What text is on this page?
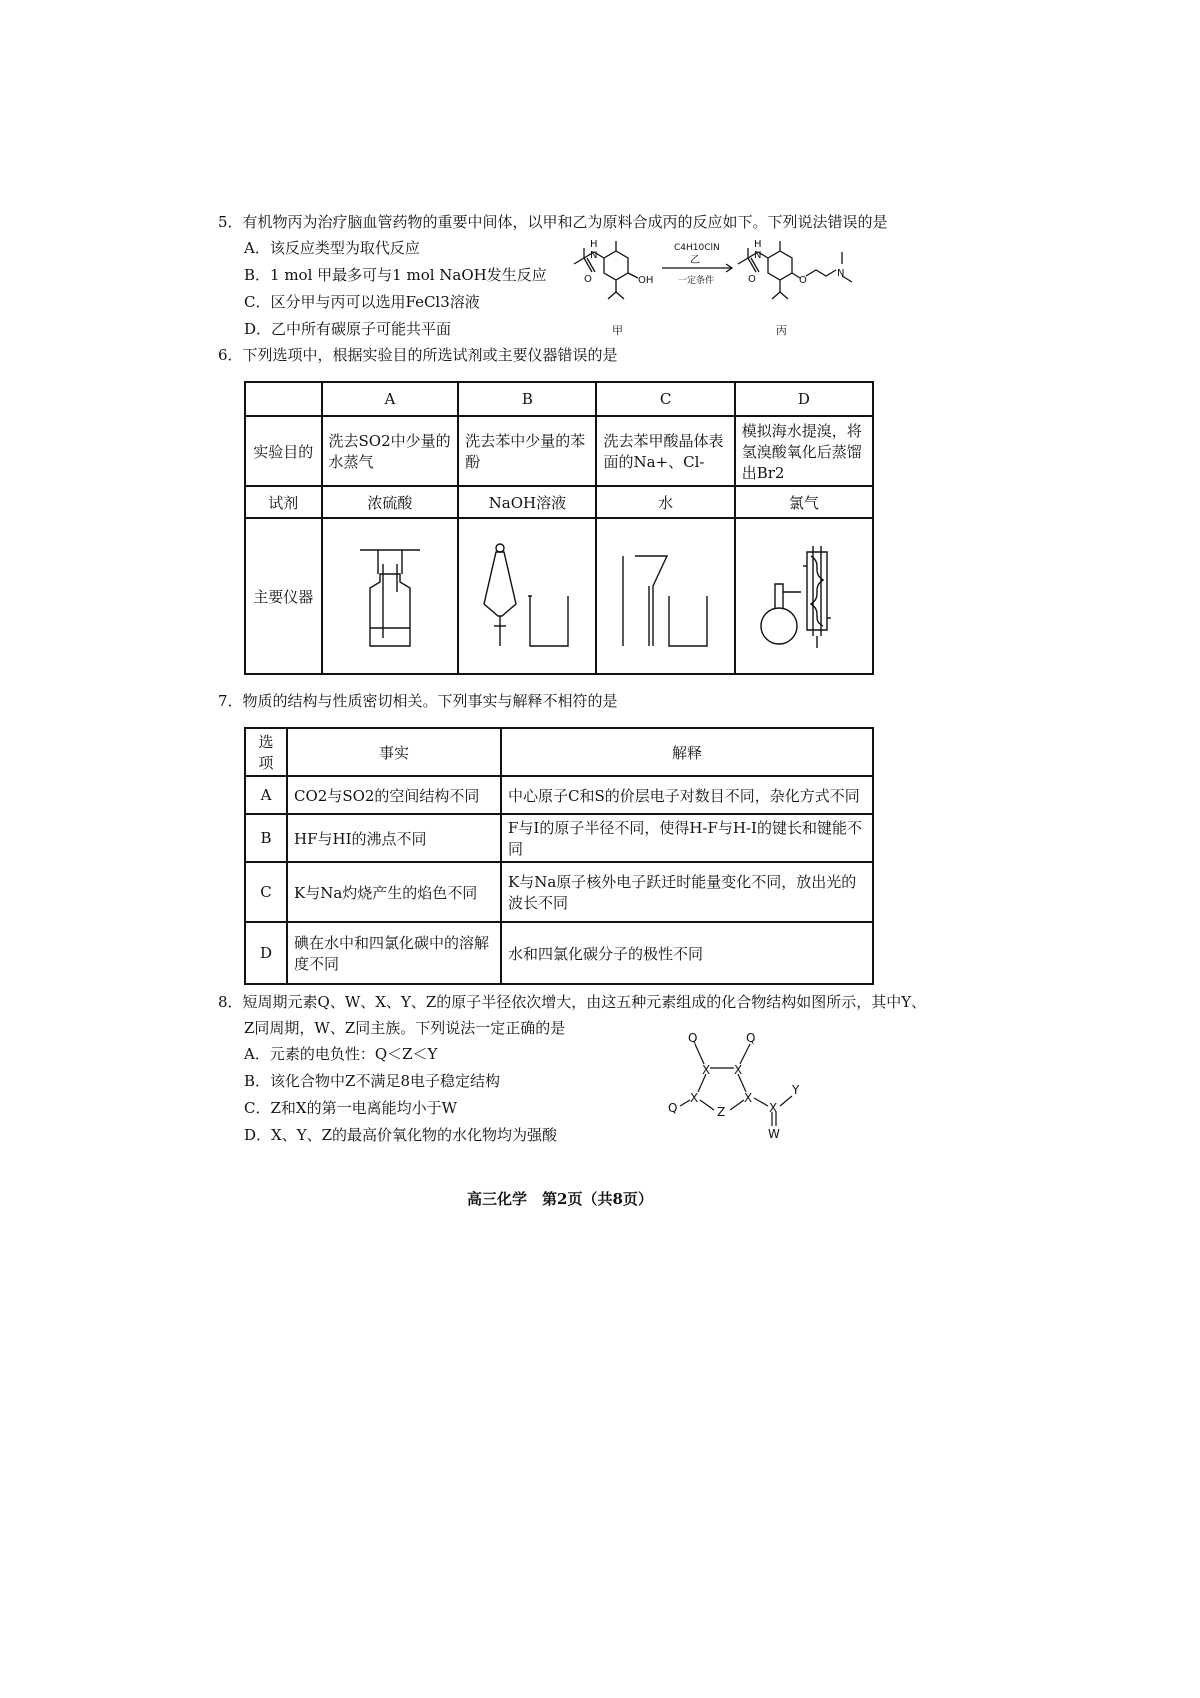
5．有机物丙为治疗脑血管药物的重要中间体，以甲和乙为原料合成丙的反应如下。下列说法错误的是
A．该反应类型为取代反应
B．1 mol 甲最多可与1 mol NaOH发生反应
C．区分甲与丙可以选用FeCl3溶液
D．乙中所有碳原子可能共平面
H
N
O	OH
甲
C4H10ClN
乙
一定条件
H
N
O	O
N
丙
6．下列选项中，根据实验目的所选试剂或主要仪器错误的是
	A	B	C	D
实验目的	洗去SO2中少量的水蒸气	洗去苯中少量的苯酚	洗去苯甲酸晶体表面的Na+、Cl-	模拟海水提溴，将氢溴酸氧化后蒸馏出Br2
试剂	浓硫酸	NaOH溶液	水	氯气
主要仪器				
7．物质的结构与性质密切相关。下列事实与解释不相符的是
选项	事实	解释
A	CO2与SO2的空间结构不同	中心原子C和S的价层电子对数目不同，杂化方式不同
B	HF与HI的沸点不同	F与I的原子半径不同，使得H-F与H-I的键长和键能不同
C	K与Na灼烧产生的焰色不同	K与Na原子核外电子跃迁时能量变化不同，放出光的波长不同
D	碘在水中和四氯化碳中的溶解度不同	水和四氯化碳分子的极性不同
8．短周期元素Q、W、X、Y、Z的原子半径依次增大，由这五种元素组成的化合物结构如图所示，其中Y、
Z同周期，W、Z同主族。下列说法一定正确的是
A．元素的电负性：Q＜Z＜Y
B．该化合物中Z不满足8电子稳定结构
C．Z和X的第一电离能均小于W
D．X、Y、Z的最高价氧化物的水化物均为强酸
Q	Q
X X
X	X
Z
Q	X
Y
W
高三化学　第2页（共8页）
